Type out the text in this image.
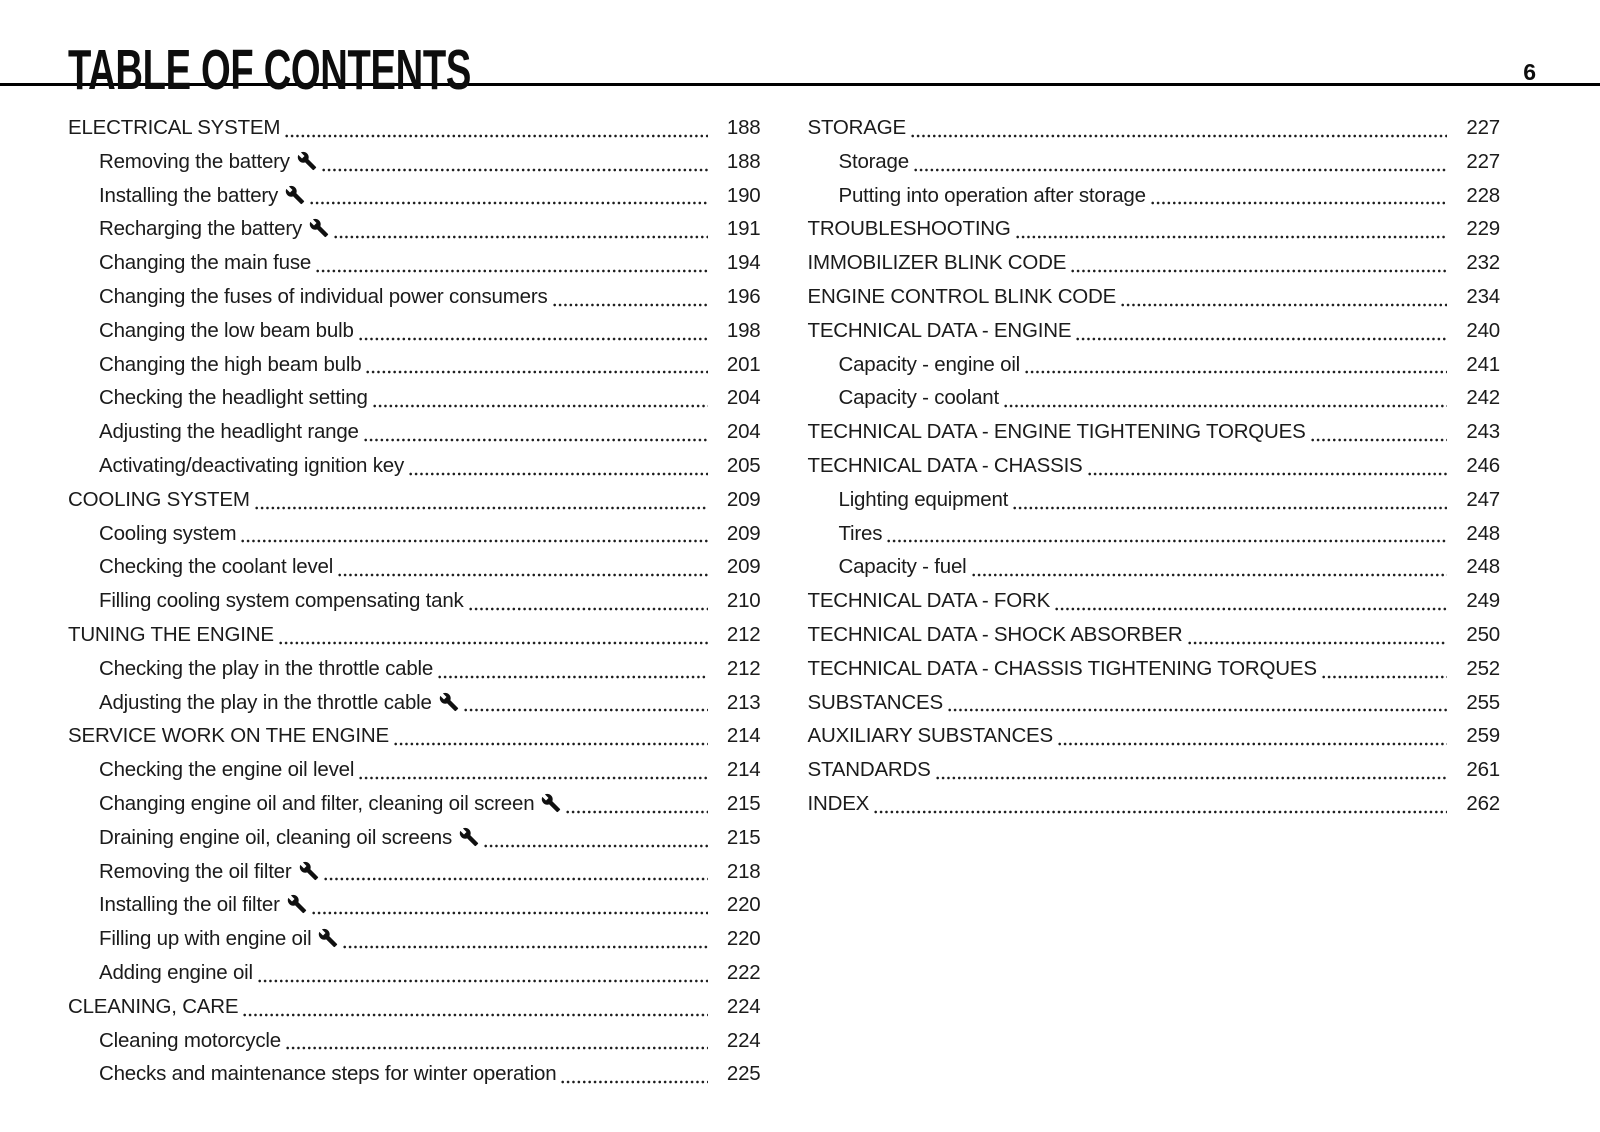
TABLE OF CONTENTS	6
ELECTRICAL SYSTEM	188
Removing the battery	188
Installing the battery	190
Recharging the battery	191
Changing the main fuse	194
Changing the fuses of individual power consumers	196
Changing the low beam bulb	198
Changing the high beam bulb	201
Checking the headlight setting	204
Adjusting the headlight range	204
Activating/deactivating ignition key	205
COOLING SYSTEM	209
Cooling system	209
Checking the coolant level	209
Filling cooling system compensating tank	210
TUNING THE ENGINE	212
Checking the play in the throttle cable	212
Adjusting the play in the throttle cable	213
SERVICE WORK ON THE ENGINE	214
Checking the engine oil level	214
Changing engine oil and filter, cleaning oil screen	215
Draining engine oil, cleaning oil screens	215
Removing the oil filter	218
Installing the oil filter	220
Filling up with engine oil	220
Adding engine oil	222
CLEANING, CARE	224
Cleaning motorcycle	224
Checks and maintenance steps for winter operation	225
STORAGE	227
Storage	227
Putting into operation after storage	228
TROUBLESHOOTING	229
IMMOBILIZER BLINK CODE	232
ENGINE CONTROL BLINK CODE	234
TECHNICAL DATA - ENGINE	240
Capacity - engine oil	241
Capacity - coolant	242
TECHNICAL DATA - ENGINE TIGHTENING TORQUES	243
TECHNICAL DATA - CHASSIS	246
Lighting equipment	247
Tires	248
Capacity - fuel	248
TECHNICAL DATA - FORK	249
TECHNICAL DATA - SHOCK ABSORBER	250
TECHNICAL DATA - CHASSIS TIGHTENING TORQUES	252
SUBSTANCES	255
AUXILIARY SUBSTANCES	259
STANDARDS	261
INDEX	262
